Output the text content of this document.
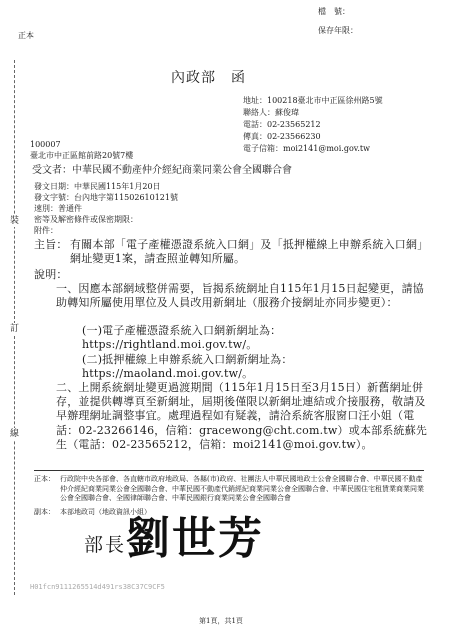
正本
檔　號：
保存年限：
裝
訂
線
內政部　函
地址：100218臺北市中正區徐州路5號
聯絡人：蘇俊瑋
電話：02-23565212
傳真：02-23566230
電子信箱：moi2141@moi.gov.tw
100007
臺北市中正區館前路20號7樓
受文者：中華民國不動產仲介經紀商業同業公會全國聯合會
發文日期：中華民國115年1月20日
發文字號：台內地字第11502610121號
速別：普通件
密等及解密條件或保密期限：
附件：
主旨： 有關本部「電子產權憑證系統入口網」及「抵押權線上申辦系統入口網」網址變更1案，請查照並轉知所屬。
說明：
一、因應本部網域整併需要，旨揭系統網址自115年1月15日起變更，請協助轉知所屬使用單位及人員改用新網址（服務介接網址亦同步變更）：
(一)電子產權憑證系統入口網新網址為：https://rightland.moi.gov.tw/。
(二)抵押權線上申辦系統入口網新網址為：https://maoland.moi.gov.tw/。
二、上開系統網址變更過渡期間（115年1月15日至3月15日）新舊網址併存，並提供轉導頁至新網址，屆期後僅限以新網址連結或介接服務，敬請及早辦理網址調整事宜。處理過程如有疑義，請洽系統客服窗口汪小姐（電話：02-23266146，信箱：gracewong@cht.com.tw）或本部系統蘇先生（電話：02-23565212，信箱：moi2141@moi.gov.tw）。
正本： 行政院中央各部會、各直轄市政府地政局、各縣(市)政府、社團法人中華民國地政士公會全國聯合會、中華民國不動產仲介經紀商業同業公會全國聯合會、中華民國不動產代銷經紀商業同業公會全國聯合會、中華民國住宅租賃業商業同業公會全國聯合會、全國律師聯合會、中華民國銀行商業同業公會全國聯合會
副本： 本部地政司（地政資訊小組）
部長 劉世芳
H01fcn9111265514d491rs38C37C9CF5
第1頁，共1頁
